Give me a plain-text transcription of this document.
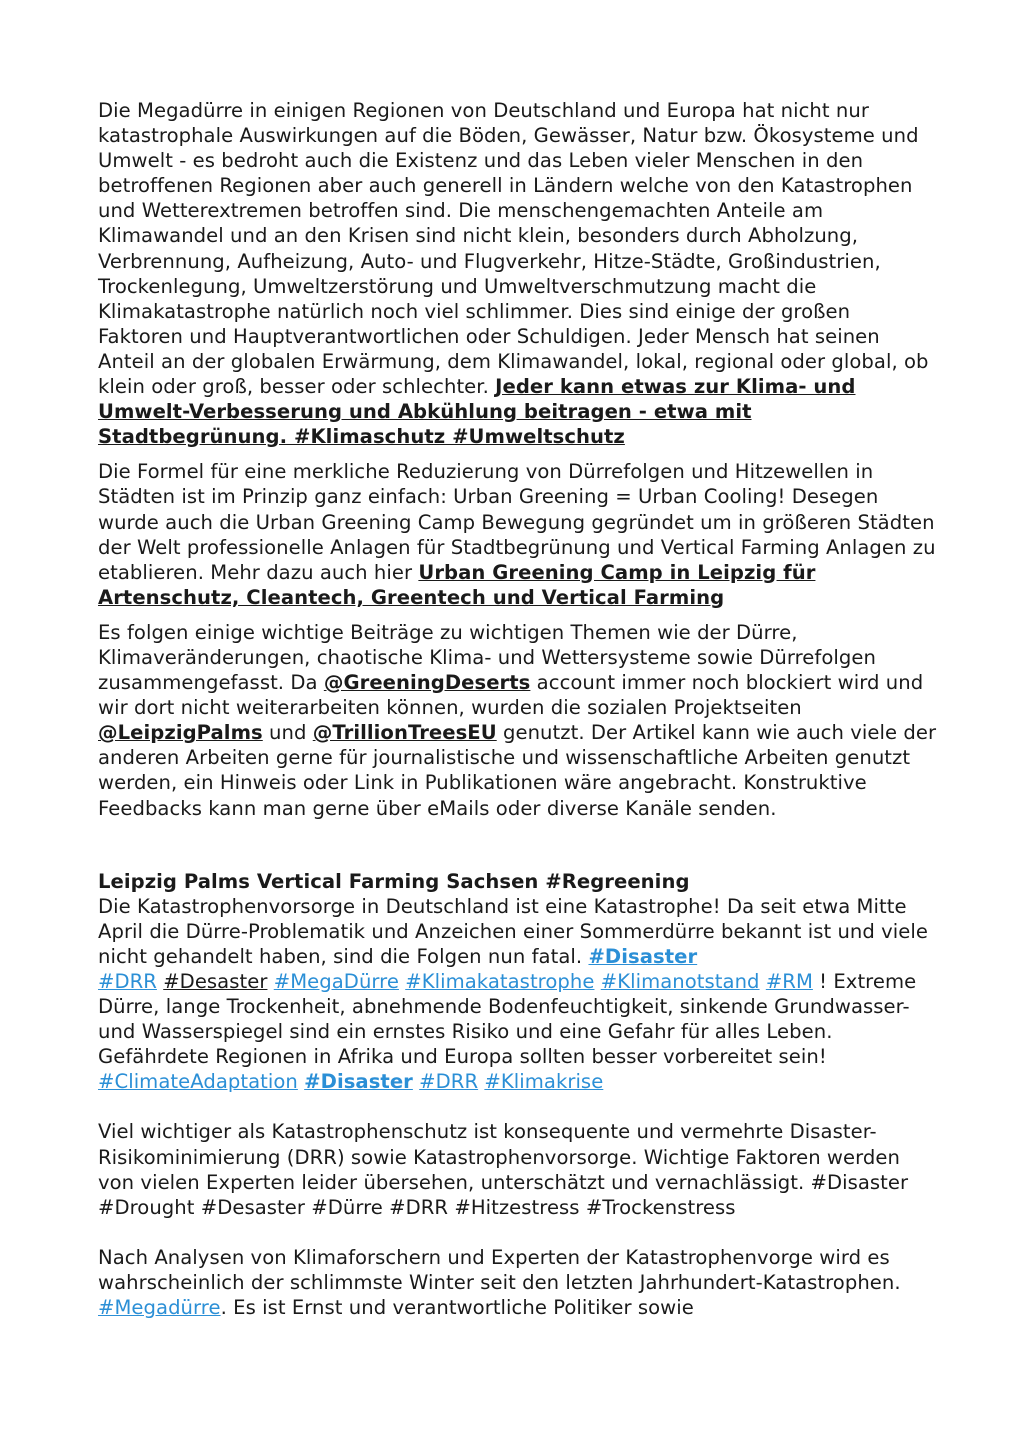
Die Megadürre in einigen Regionen von Deutschland und Europa hat nicht nur katastrophale Auswirkungen auf die Böden, Gewässer, Natur bzw. Ökosysteme und Umwelt - es bedroht auch die Existenz und das Leben vieler Menschen in den betroffenen Regionen aber auch generell in Ländern welche von den Katastrophen und Wetterextremen betroffen sind. Die menschengemachten Anteile am Klimawandel und an den Krisen sind nicht klein, besonders durch Abholzung, Verbrennung, Aufheizung, Auto- und Flugverkehr, Hitze-Städte, Großindustrien, Trockenlegung, Umweltzerstörung und Umweltverschmutzung macht die Klimakatastrophe natürlich noch viel schlimmer. Dies sind einige der großen Faktoren und Hauptverantwortlichen oder Schuldigen. Jeder Mensch hat seinen Anteil an der globalen Erwärmung, dem Klimawandel, lokal, regional oder global, ob klein oder groß, besser oder schlechter. Jeder kann etwas zur Klima- und Umwelt-Verbesserung und Abkühlung beitragen - etwa mit Stadtbegrünung. #Klimaschutz #Umweltschutz

Die Formel für eine merkliche Reduzierung von Dürrefolgen und Hitzewellen in Städten ist im Prinzip ganz einfach: Urban Greening = Urban Cooling! Desegen wurde auch die Urban Greening Camp Bewegung gegründet um in größeren Städten der Welt professionelle Anlagen für Stadtbegrünung und Vertical Farming Anlagen zu etablieren. Mehr dazu auch hier Urban Greening Camp in Leipzig für Artenschutz, Cleantech, Greentech und Vertical Farming

Es folgen einige wichtige Beiträge zu wichtigen Themen wie der Dürre, Klimaveränderungen, chaotische Klima- und Wettersysteme sowie Dürrefolgen zusammengefasst. Da @GreeningDeserts account immer noch blockiert wird und wir dort nicht weiterarbeiten können, wurden die sozialen Projektseiten @LeipzigPalms und @TrillionTreesEU genutzt. Der Artikel kann wie auch viele der anderen Arbeiten gerne für journalistische und wissenschaftliche Arbeiten genutzt werden, ein Hinweis oder Link in Publikationen wäre angebracht. Konstruktive Feedbacks kann man gerne über eMails oder diverse Kanäle senden.

Leipzig Palms Vertical Farming Sachsen #Regreening
Die Katastrophenvorsorge in Deutschland ist eine Katastrophe! Da seit etwa Mitte April die Dürre-Problematik und Anzeichen einer Sommerdürre bekannt ist und viele nicht gehandelt haben, sind die Folgen nun fatal. #Disaster
#DRR #Desaster #MegaDürre #Klimakatastrophe #Klimanotstand #RM ! Extreme Dürre, lange Trockenheit, abnehmende Bodenfeuchtigkeit, sinkende Grundwasser- und Wasserspiegel sind ein ernstes Risiko und eine Gefahr für alles Leben. Gefährdete Regionen in Afrika und Europa sollten besser vorbereitet sein! #ClimateAdaptation #Disaster #DRR #Klimakrise

Viel wichtiger als Katastrophenschutz ist konsequente und vermehrte Disaster-Risikominimierung (DRR) sowie Katastrophenvorsorge. Wichtige Faktoren werden von vielen Experten leider übersehen, unterschätzt und vernachlässigt. #Disaster #Drought #Desaster #Dürre #DRR #Hitzestress #Trockenstress

Nach Analysen von Klimaforschern und Experten der Katastrophenvorge wird es wahrscheinlich der schlimmste Winter seit den letzten Jahrhundert-Katastrophen. #Megadürre. Es ist Ernst und verantwortliche Politiker sowie
